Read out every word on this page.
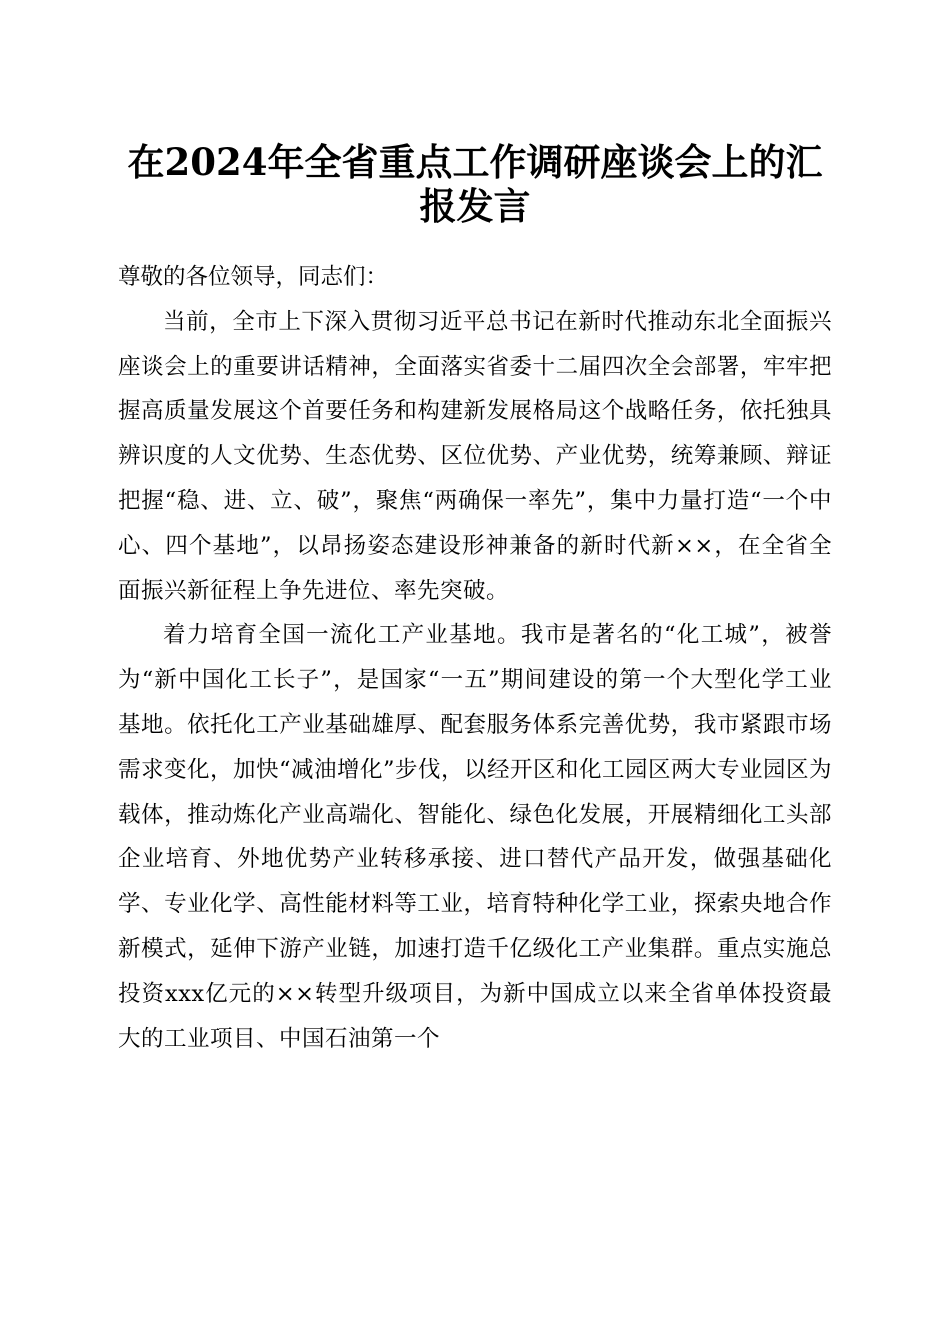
在2024年全省重点工作调研座谈会上的汇报发言

尊敬的各位领导，同志们：

当前，全市上下深入贯彻习近平总书记在新时代推动东北全面振兴座谈会上的重要讲话精神，全面落实省委十二届四次全会部署，牢牢把握高质量发展这个首要任务和构建新发展格局这个战略任务，依托独具辨识度的人文优势、生态优势、区位优势、产业优势，统筹兼顾、辩证把握“稳、进、立、破”，聚焦“两确保一率先”，集中力量打造“一个中心、四个基地”，以昂扬姿态建设形神兼备的新时代新××，在全省全面振兴新征程上争先进位、率先突破。

着力培育全国一流化工产业基地。我市是著名的“化工城”，被誉为“新中国化工长子”，是国家“一五”期间建设的第一个大型化学工业基地。依托化工产业基础雄厚、配套服务体系完善优势，我市紧跟市场需求变化，加快“减油增化”步伐，以经开区和化工园区两大专业园区为载体，推动炼化产业高端化、智能化、绿色化发展，开展精细化工头部企业培育、外地优势产业转移承接、进口替代产品开发，做强基础化学、专业化学、高性能材料等工业，培育特种化学工业，探索央地合作新模式，延伸下游产业链，加速打造千亿级化工产业集群。重点实施总投资xxx亿元的××转型升级项目，为新中国成立以来全省单体投资最大的工业项目、中国石油第一个
